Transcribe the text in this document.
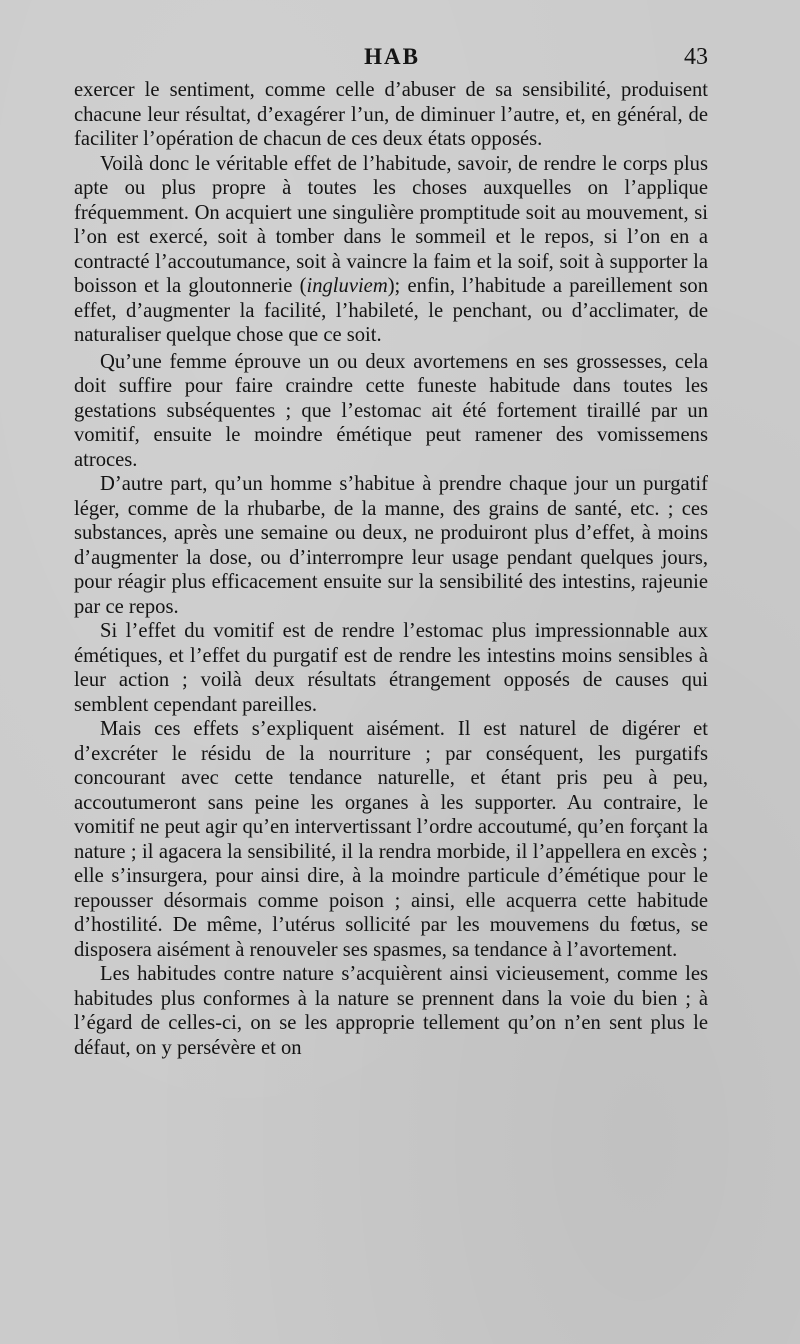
HAB	43

exercer le sentiment, comme celle d’abuser de sa sensibilité, produisent chacune leur résultat, d’exagérer l’un, de diminuer l’autre, et, en général, de faciliter l’opération de chacun de ces deux états opposés.

Voilà donc le véritable effet de l’habitude, savoir, de rendre le corps plus apte ou plus propre à toutes les choses auxquelles on l’applique fréquemment. On acquiert une singulière promptitude soit au mouvement, si l’on est exercé, soit à tomber dans le sommeil et le repos, si l’on en a contracté l’accoutumance, soit à vaincre la faim et la soif, soit à supporter la boisson et la gloutonnerie (ingluviem); enfin, l’habitude a pareillement son effet, d’augmenter la facilité, l’habileté, le penchant, ou d’acclimater, de naturaliser quelque chose que ce soit.

Qu’une femme éprouve un ou deux avortemens en ses grossesses, cela doit suffire pour faire craindre cette funeste habitude dans toutes les gestations subséquentes ; que l’estomac ait été fortement tiraillé par un vomitif, ensuite le moindre émétique peut ramener des vomissemens atroces.

D’autre part, qu’un homme s’habitue à prendre chaque jour un purgatif léger, comme de la rhubarbe, de la manne, des grains de santé, etc. ; ces substances, après une semaine ou deux, ne produiront plus d’effet, à moins d’augmenter la dose, ou d’interrompre leur usage pendant quelques jours, pour réagir plus efficacement ensuite sur la sensibilité des intestins, rajeunie par ce repos.

Si l’effet du vomitif est de rendre l’estomac plus impressionnable aux émétiques, et l’effet du purgatif est de rendre les intestins moins sensibles à leur action ; voilà deux résultats étrangement opposés de causes qui semblent cependant pareilles.

Mais ces effets s’expliquent aisément. Il est naturel de digérer et d’excréter le résidu de la nourriture ; par conséquent, les purgatifs concourant avec cette tendance naturelle, et étant pris peu à peu, accoutumeront sans peine les organes à les supporter. Au contraire, le vomitif ne peut agir qu’en intervertissant l’ordre accoutumé, qu’en forçant la nature ; il agacera la sensibilité, il la rendra morbide, il l’appellera en excès ; elle s’insurgera, pour ainsi dire, à la moindre particule d’émétique pour le repousser désormais comme poison ; ainsi, elle acquerra cette habitude d’hostilité. De même, l’utérus sollicité par les mouvemens du fœtus, se disposera aisément à renouveler ses spasmes, sa tendance à l’avortement.

Les habitudes contre nature s’acquièrent ainsi vicieusement, comme les habitudes plus conformes à la nature se prennent dans la voie du bien ; à l’égard de celles-ci, on se les approprie tellement qu’on n’en sent plus le défaut, on y persévère et on
